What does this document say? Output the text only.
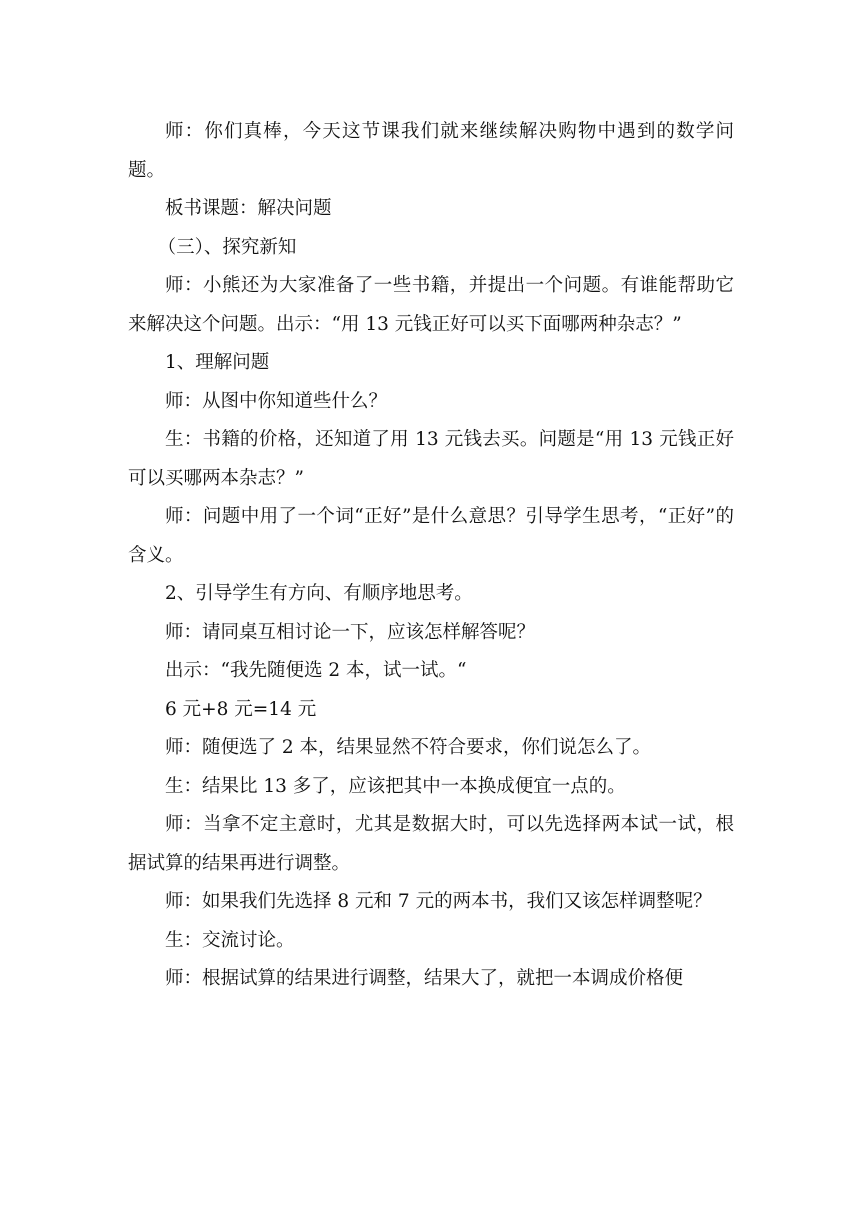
师：你们真棒，今天这节课我们就来继续解决购物中遇到的数学问题。

板书课题：解决问题

（三）、探究新知

师：小熊还为大家准备了一些书籍，并提出一个问题。有谁能帮助它来解决这个问题。出示：“用 13 元钱正好可以买下面哪两种杂志？”

1、理解问题

师：从图中你知道些什么？

生：书籍的价格，还知道了用 13 元钱去买。问题是“用 13 元钱正好可以买哪两本杂志？”

师：问题中用了一个词“正好”是什么意思？引导学生思考，“正好”的含义。

2、引导学生有方向、有顺序地思考。

师：请同桌互相讨论一下，应该怎样解答呢？

出示：“我先随便选 2 本，试一试。“

6 元+8 元=14 元

师：随便选了 2 本，结果显然不符合要求，你们说怎么了。

生：结果比 13 多了，应该把其中一本换成便宜一点的。

师：当拿不定主意时，尤其是数据大时，可以先选择两本试一试，根据试算的结果再进行调整。

师：如果我们先选择 8 元和 7 元的两本书，我们又该怎样调整呢？

生：交流讨论。

师：根据试算的结果进行调整，结果大了，就把一本调成价格便
